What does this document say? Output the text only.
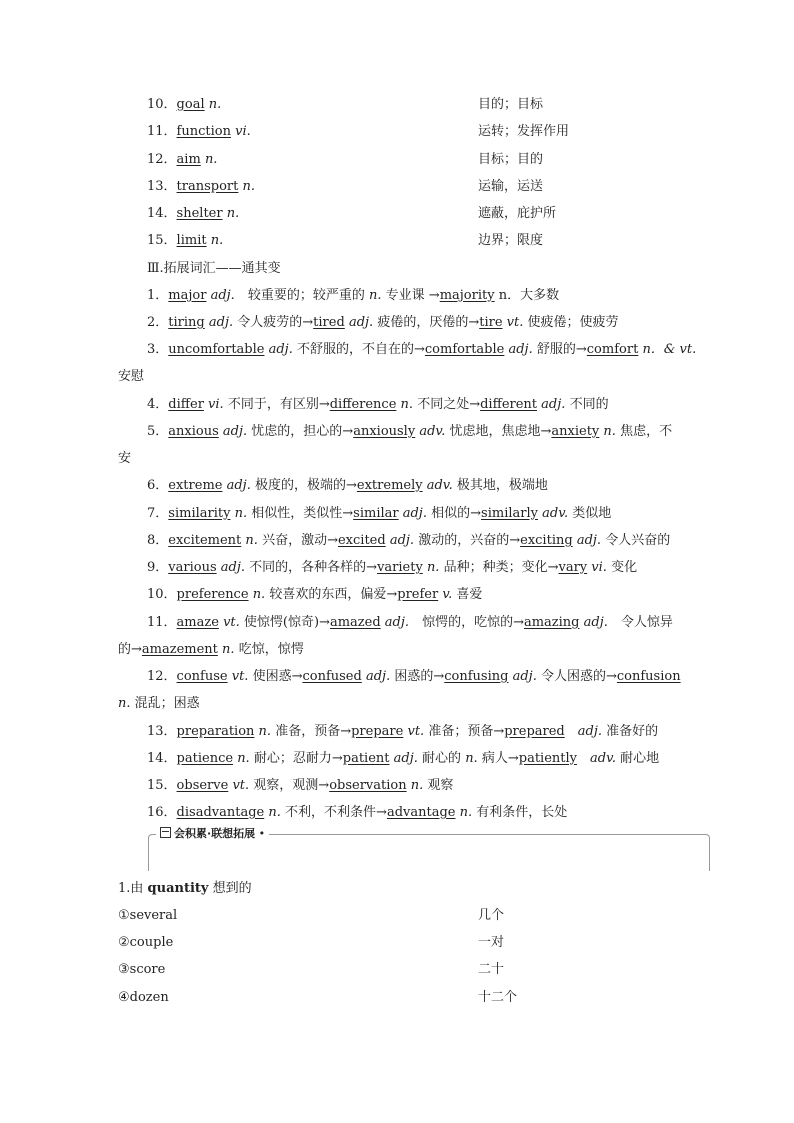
10．goal n.	目的；目标
11．function vi.	运转；发挥作用
12．aim n.	目标；目的
13．transport n.	运输，运送
14．shelter n.	遮蔽，庇护所
15．limit n.	边界；限度
Ⅲ.拓展词汇——通其变
1．major adj.　 较重要的；较严重的 n. 专业课 →majority n．大多数
2．tiring adj. 令人疲劳的→tired adj. 疲倦的，厌倦的→tire vt. 使疲倦；使疲劳
3．uncomfortable adj. 不舒服的，不自在的→comfortable adj. 舒服的→comfort n．& vt.
安慰
4．differ vi. 不同于，有区别→difference n. 不同之处→different adj. 不同的
5．anxious adj. 忧虑的，担心的→anxiously adv. 忧虑地，焦虑地→anxiety n. 焦虑，不
安
6．extreme adj. 极度的，极端的→extremely adv. 极其地，极端地
7．similarity n. 相似性，类似性→similar adj. 相似的→similarly adv. 类似地
8．excitement n. 兴奋，激动→excited adj. 激动的，兴奋的→exciting adj. 令人兴奋的
9．various adj. 不同的，各种各样的→variety n. 品种；种类；变化→vary vi. 变化
10．preference n. 较喜欢的东西，偏爱→prefer v. 喜爱
11．amaze vt. 使惊愕(惊奇)→amazed adj.　 惊愕的，吃惊的→amazing adj.　 令人惊异
的→amazement n. 吃惊，惊愕
12．confuse vt. 使困惑→confused adj. 困惑的→confusing adj. 令人困惑的→confusion
n. 混乱；困惑
13．preparation n. 准备，预备→prepare vt. 准备；预备→prepared　 adj. 准备好的
14．patience n. 耐心；忍耐力→patient adj. 耐心的 n. 病人→patiently　 adv. 耐心地
15．observe vt. 观察，观测→observation n. 观察
16．disadvantage n. 不利，不利条件→advantage n. 有利条件，长处
会积累·联想拓展 •
1.由 quantity 想到的
①several	几个
②couple	一对
③score	二十
④dozen	十二个
